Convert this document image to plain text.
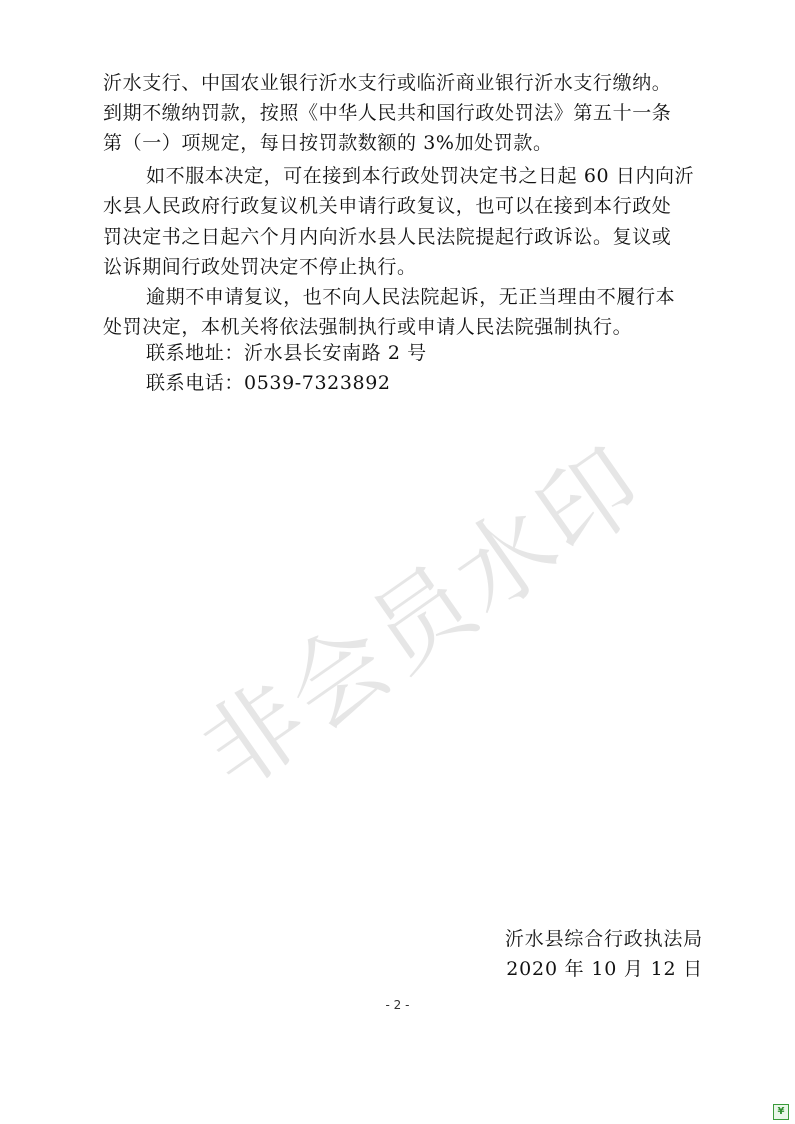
沂水支行、中国农业银行沂水支行或临沂商业银行沂水支行缴纳。
到期不缴纳罚款，按照《中华人民共和国行政处罚法》第五十一条
第（一）项规定，每日按罚款数额的 3%加处罚款。
如不服本决定，可在接到本行政处罚决定书之日起 60 日内向沂
水县人民政府行政复议机关申请行政复议，也可以在接到本行政处
罚决定书之日起六个月内向沂水县人民法院提起行政诉讼。复议或
讼诉期间行政处罚决定不停止执行。
逾期不申请复议，也不向人民法院起诉，无正当理由不履行本
处罚决定，本机关将依法强制执行或申请人民法院强制执行。
联系地址：沂水县长安南路 2 号
联系电话：0539-7323892
非会员水印
沂水县综合行政执法局
2020 年 10 月 12 日
- 2 -
¥
